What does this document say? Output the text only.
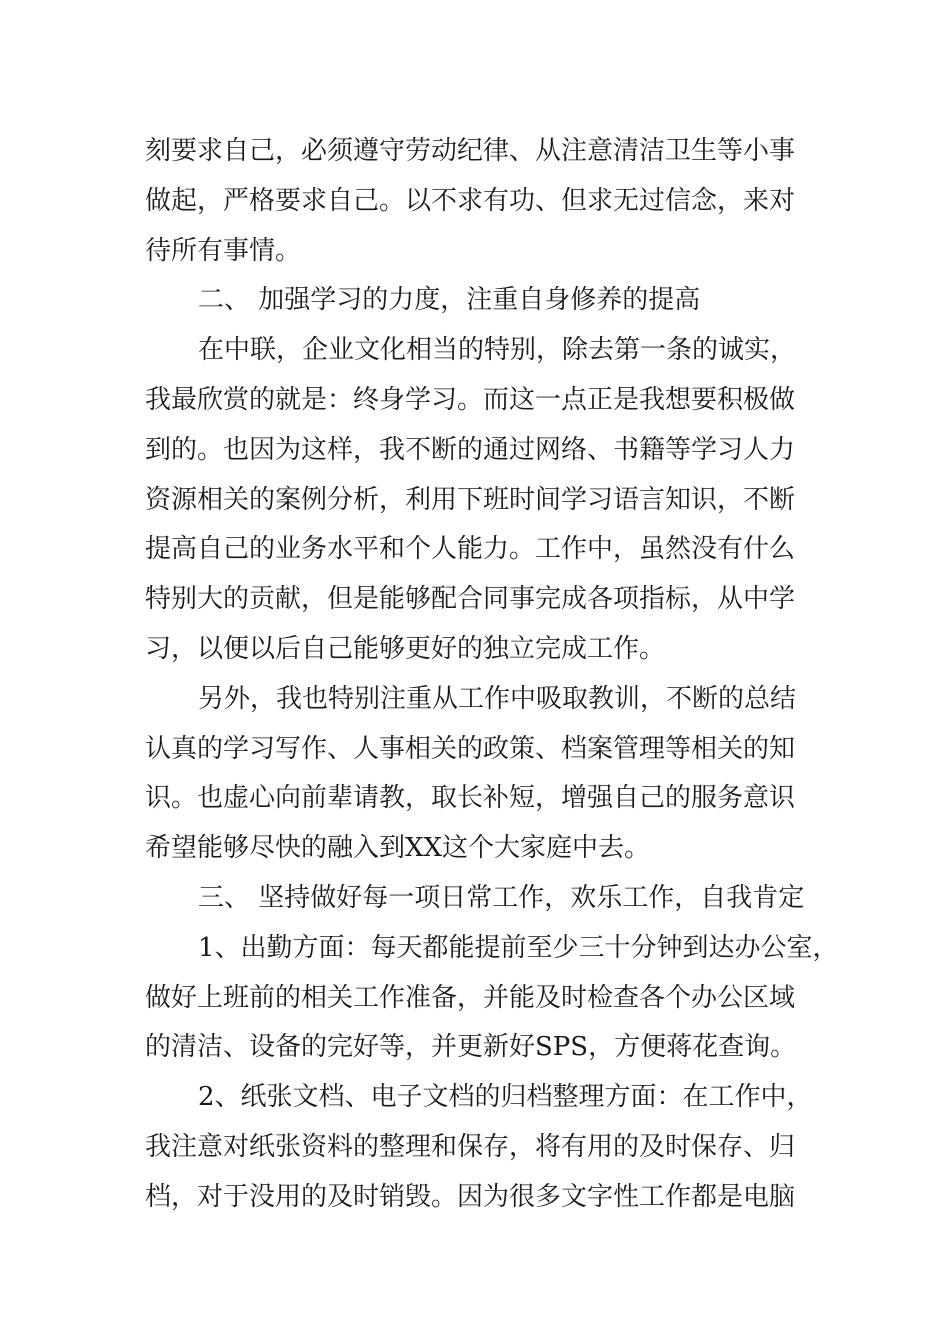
刻要求自己，必须遵守劳动纪律、从注意清洁卫生等小事
做起，严格要求自己。以不求有功、但求无过信念，来对
待所有事情。
二、 加强学习的力度，注重自身修养的提高
在中联，企业文化相当的特别，除去第一条的诚实，
我最欣赏的就是：终身学习。而这一点正是我想要积极做
到的。也因为这样，我不断的通过网络、书籍等学习人力
资源相关的案例分析，利用下班时间学习语言知识，不断
提高自己的业务水平和个人能力。工作中，虽然没有什么
特别大的贡献，但是能够配合同事完成各项指标，从中学
习，以便以后自己能够更好的独立完成工作。
另外，我也特别注重从工作中吸取教训，不断的总结
认真的学习写作、人事相关的政策、档案管理等相关的知
识。也虚心向前辈请教，取长补短，增强自己的服务意识
希望能够尽快的融入到XX这个大家庭中去。
三、 坚持做好每一项日常工作，欢乐工作，自我肯定
1、出勤方面：每天都能提前至少三十分钟到达办公室，
做好上班前的相关工作准备，并能及时检查各个办公区域
的清洁、设备的完好等，并更新好SPS，方便蒋花查询。
2、纸张文档、电子文档的归档整理方面：在工作中，
我注意对纸张资料的整理和保存，将有用的及时保存、归
档，对于没用的及时销毁。因为很多文字性工作都是电脑
